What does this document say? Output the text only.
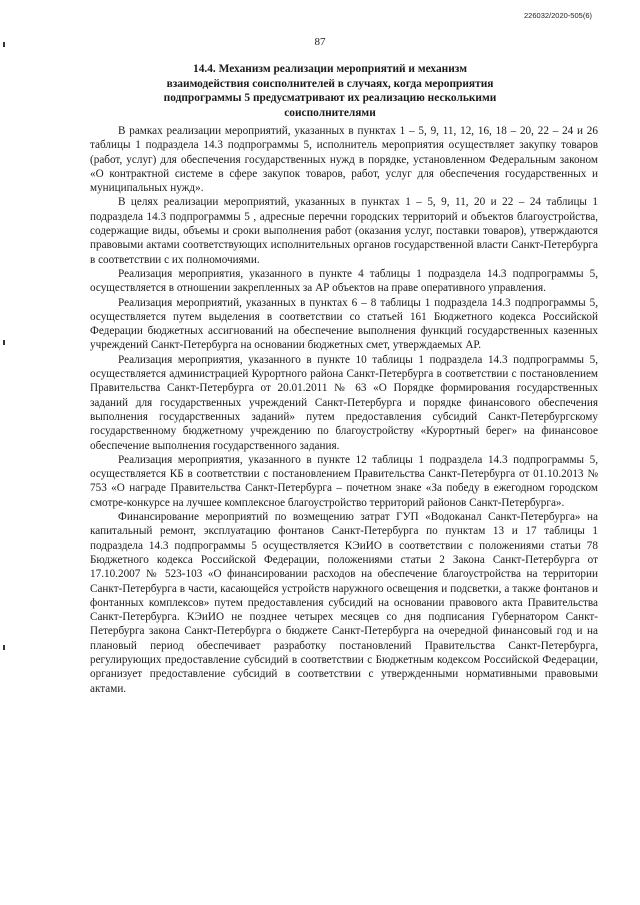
226032/2020-505(6)
87
14.4. Механизм реализации мероприятий и механизм
взаимодействия соисполнителей в случаях, когда мероприятия
подпрограммы 5 предусматривают их реализацию несколькими
соисполнителями

В рамках реализации мероприятий, указанных в пунктах 1 – 5, 9, 11, 12, 16, 18 – 20, 22 – 24 и 26 таблицы 1 подраздела 14.3 подпрограммы 5, исполнитель мероприятия осуществляет закупку товаров (работ, услуг) для обеспечения государственных нужд в порядке, установленном Федеральным законом «О контрактной системе в сфере закупок товаров, работ, услуг для обеспечения государственных и муниципальных нужд».

В целях реализации мероприятий, указанных в пунктах 1 – 5, 9, 11, 20 и 22 – 24 таблицы 1 подраздела 14.3 подпрограммы 5 , адресные перечни городских территорий и объектов благоустройства, содержащие виды, объемы и сроки выполнения работ (оказания услуг, поставки товаров), утверждаются правовыми актами соответствующих исполнительных органов государственной власти Санкт-Петербурга в соответствии с их полномочиями.

Реализация мероприятия, указанного в пункте 4 таблицы 1 подраздела 14.3 подпрограммы 5, осуществляется в отношении закрепленных за АР объектов на праве оперативного управления.

Реализация мероприятий, указанных в пунктах 6 – 8 таблицы 1 подраздела 14.3 подпрограммы 5, осуществляется путем выделения в соответствии со статьей 161 Бюджетного кодекса Российской Федерации бюджетных ассигнований на обеспечение выполнения функций государственных казенных учреждений Санкт-Петербурга на основании бюджетных смет, утверждаемых АР.

Реализация мероприятия, указанного в пункте 10 таблицы 1 подраздела 14.3 подпрограммы 5, осуществляется администрацией Курортного района Санкт-Петербурга в соответствии с постановлением Правительства Санкт-Петербурга от 20.01.2011 № 63 «О Порядке формирования государственных заданий для государственных учреждений Санкт-Петербурга и порядке финансового обеспечения выполнения государственных заданий» путем предоставления субсидий Санкт-Петербургскому государственному бюджетному учреждению по благоустройству «Курортный берег» на финансовое обеспечение выполнения государственного задания.

Реализация мероприятия, указанного в пункте 12 таблицы 1 подраздела 14.3 подпрограммы 5, осуществляется КБ в соответствии с постановлением Правительства Санкт-Петербурга от 01.10.2013 № 753 «О награде Правительства Санкт-Петербурга – почетном знаке «За победу в ежегодном городском смотре-конкурсе на лучшее комплексное благоустройство территорий районов Санкт-Петербурга».

Финансирование мероприятий по возмещению затрат ГУП «Водоканал Санкт-Петербурга» на капитальный ремонт, эксплуатацию фонтанов Санкт-Петербурга по пунктам 13 и 17 таблицы 1 подраздела 14.3 подпрограммы 5 осуществляется КЭиИО в соответствии с положениями статьи 78 Бюджетного кодекса Российской Федерации, положениями статьи 2 Закона Санкт-Петербурга от 17.10.2007 № 523-103 «О финансировании расходов на обеспечение благоустройства на территории Санкт-Петербурга в части, касающейся устройств наружного освещения и подсветки, а также фонтанов и фонтанных комплексов» путем предоставления субсидий на основании правового акта Правительства Санкт-Петербурга. КЭиИО не позднее четырех месяцев со дня подписания Губернатором Санкт-Петербурга закона Санкт-Петербурга о бюджете Санкт-Петербурга на очередной финансовый год и на плановый период обеспечивает разработку постановлений Правительства Санкт-Петербурга, регулирующих предоставление субсидий в соответствии с Бюджетным кодексом Российской Федерации, организует предоставление субсидий в соответствии с утвержденными нормативными правовыми актами.
